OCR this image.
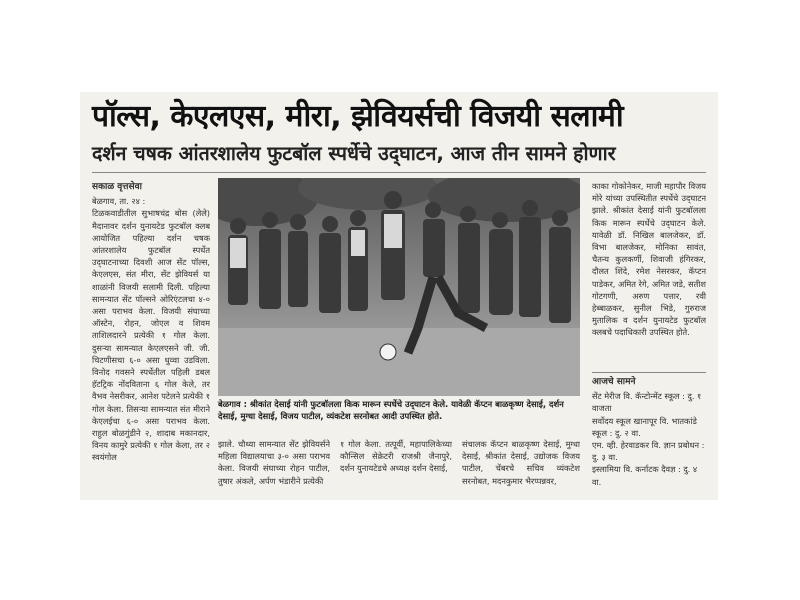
पॉल्स, केएलएस, मीरा, झेवियर्सची विजयी सलामी
दर्शन चषक आंतरशालेय फुटबॉल स्पर्धेचे उद्‌घाटन, आज तीन सामने होणार
सकाळ वृत्तसेवा
बेळगाव, ता. २४ :
टिळकवाडीतील सुभाषचंद्र बोस (लेले) मैदानावर दर्शन युनायटेड फुटबॉल क्लब आयोजित पहिल्या दर्शन चषक आंतरशालेय फुटबॉल स्पर्धेत उद्‌घाटनाच्या दिवशी आज सेंट पॉल्स, केएलएस, संत मीरा, सेंट झेवियर्स या शाळांनी विजयी सलामी दिली. पहिल्या सामन्यात सेंट पॉल्सने ओरिएंटलचा ४-० असा पराभव केला. विजयी संघाच्या ऑस्टेन, रोहन, जोएल व शिवम ताशिलदारने प्रत्येकी १ गोल केला. दुसऱ्या सामन्यात केएलएसने जी. जी. चिटणीसचा ६-० असा धुव्वा उडविला. विनोद गवसने स्पर्धेतील पहिली डबल हॅटट्रिक नोंदविताना ६ गोल केले, तर वैभव नेसरीकर, आनेश पटेलने प्रत्येकी १ गोल केला. तिसऱ्या सामन्यात संत मीराने केएलईचा ६-० असा पराभव केला. राहुल बोळगुंडीने २, शादाब मकानदार, विनय कामुरे प्रत्येकी १ गोल केला, तर २ स्वयंगोल
बेळगाव : श्रीकांत देसाई यांनी फुटबॉलला किक मारून स्पर्धेचे उद्‌घाटन केले. यावेळी कॅप्टन बाळकृष्ण देसाई, दर्शन देसाई, मुग्धा देसाई, विजय पाटील, व्यंकटेश सरनोबत आदी उपस्थित होते.
झाले. चौथ्या सामन्यात सेंट झेवियर्सने महिला विद्यालयाचा ३-० असा पराभव केला. विजयी संघाच्या रोहन पाटील, तुषार अंकले, अर्पण भंडारीने प्रत्येकी
१ गोल केला. तत्पूर्वी, महापालिकेच्या कौन्सिल सेक्रेटरी राजश्री जैनापुरे, दर्शन युनायटेडचे अध्यक्ष दर्शन देसाई,
संचालक कॅप्टन बाळकृष्ण देसाई, मुग्धा देसाई, श्रीकांत देसाई, उद्योजक विजय पाटील, चेंबरचे सचिव व्यंकटेश सरनोबत, मदनकुमार भैरप्पन्नवर,
काका गोकोनेकर, माजी महापौर विजय मोरे यांच्या उपस्थितीत स्पर्धेचे उद्‌घाटन झाले. श्रीकांत देसाई यांनी फुटबॉलला किक मारून स्पर्धेचे उद्‌घाटन केले. यावेळी डॉ. निखिल बालजेकर, डॉ. विभा बालजेकर, मोनिका सावंत, चैतन्य कुलकर्णी, शिवाजी हंगिरकर, दौलत शिंदे, रमेश नेसरकर, कॅप्टन पाडेकर, अमित रेगे, अमित जडे, सतीश गोटगणी, अरुण पत्तार, रवी हेब्बाळकर, सुनील भिडे, गुरुराज मुतालिक व दर्शन युनायटेड फुटबॉल क्लबचे पदाधिकारी उपस्थित होते.
आजचे सामने
सेंट मेरीज वि. कॅन्टोन्मेंट स्कूल : दु. १ वाजता
सर्वोदय स्कूल खानापूर वि. भातकांडे स्कूल : दु. २ वा.
एम. व्ही. हेरवाडकर वि. ज्ञान प्रबोधन : दु. ३ वा.
इस्लामिया वि. कर्नाटक दैवज्ञ : दु. ४ वा.
